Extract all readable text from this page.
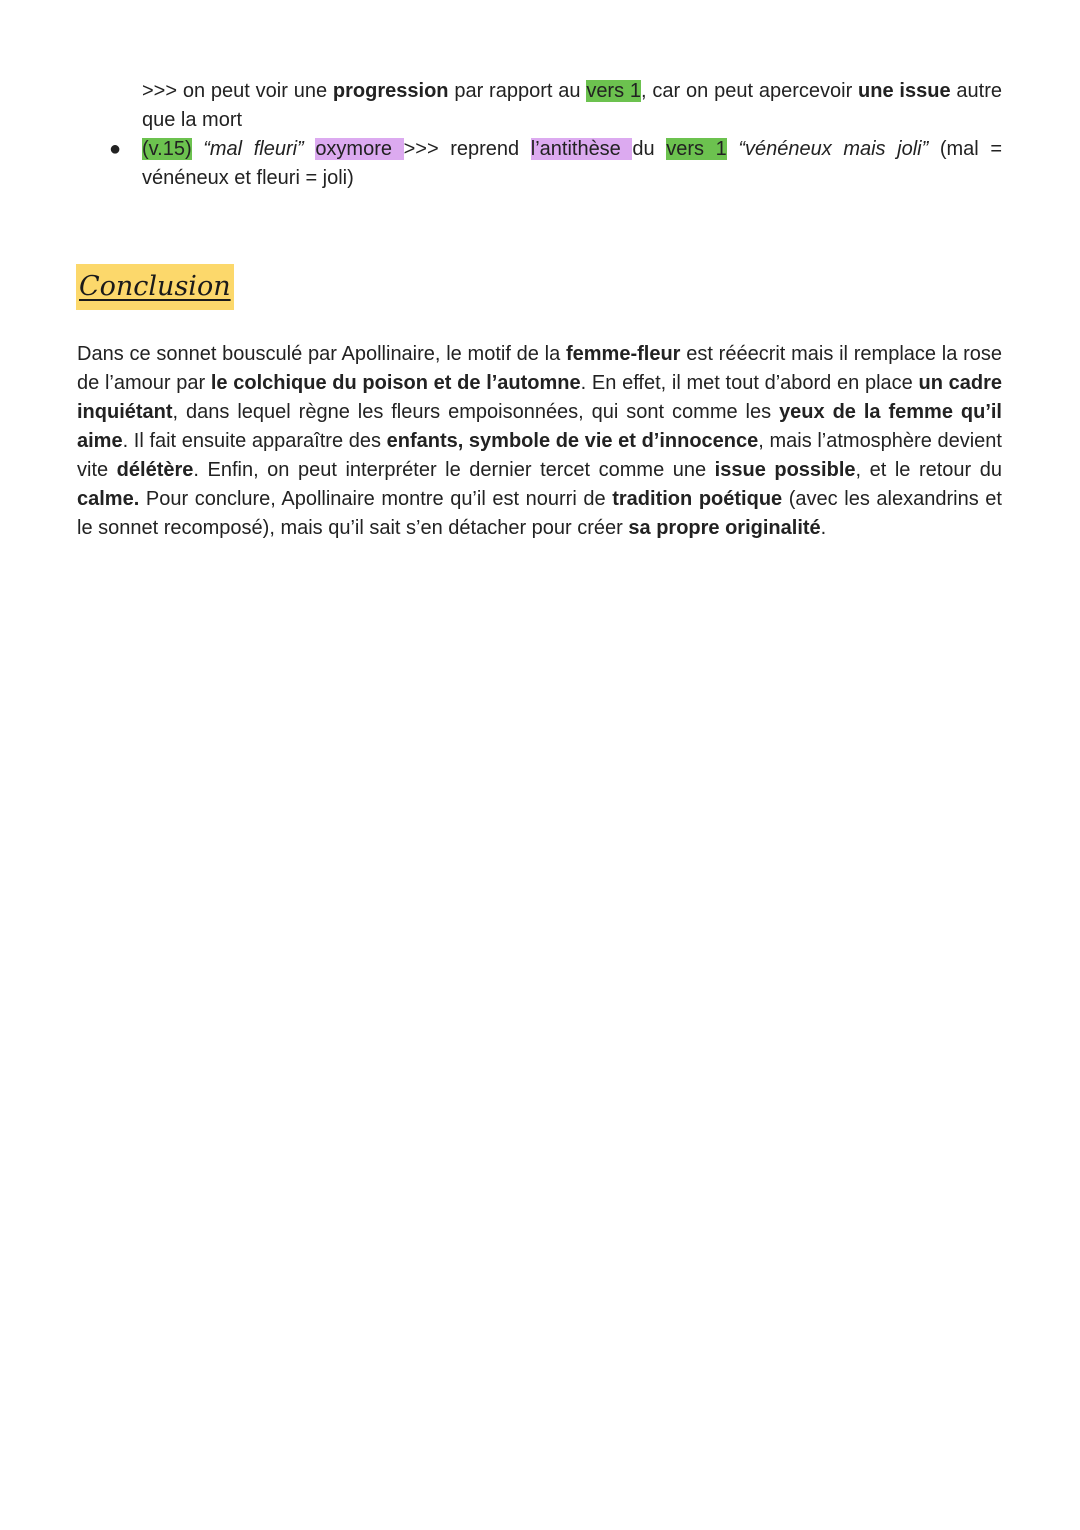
>>> on peut voir une progression par rapport au vers 1, car on peut apercevoir une issue autre que la mort

● (v.15) “mal fleuri” oxymore >>> reprend l’antithèse du vers 1 “vénéneux mais joli” (mal = vénéneux et fleuri = joli)

Conclusion

Dans ce sonnet bousculé par Apollinaire, le motif de la femme-fleur est rééecrit mais il remplace la rose de l’amour par le colchique du poison et de l’automne. En effet, il met tout d’abord en place un cadre inquiétant, dans lequel règne les fleurs empoisonnées, qui sont comme les yeux de la femme qu’il aime. Il fait ensuite apparaître des enfants, symbole de vie et d’innocence, mais l’atmosphère devient vite délétère. Enfin, on peut interpréter le dernier tercet comme une issue possible, et le retour du calme. Pour conclure, Apollinaire montre qu’il est nourri de tradition poétique (avec les alexandrins et le sonnet recomposé), mais qu’il sait s’en détacher pour créer sa propre originalité.
